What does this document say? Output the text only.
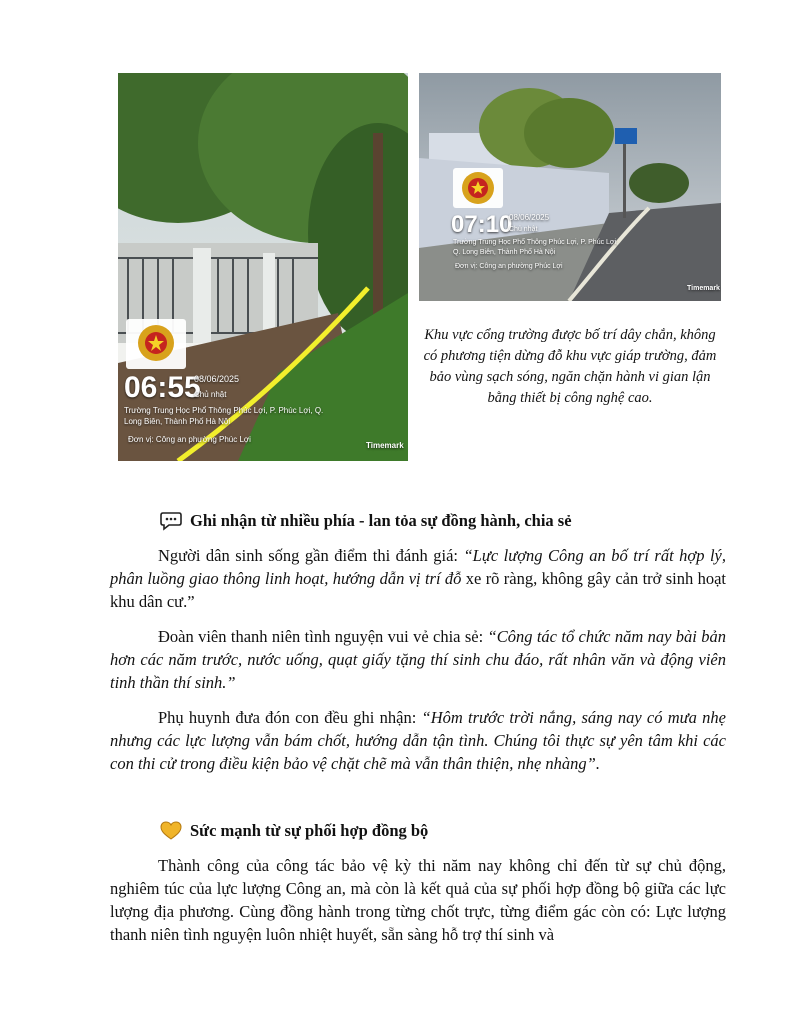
06:55
08/06/2025
Chủ nhật
Trường Trung Học Phổ Thông Phúc Lợi, P. Phúc Lợi, Q. Long Biên, Thành Phố Hà Nội
Đơn vị: Công an phường Phúc Lợi
Timemark
07:10
08/06/2025
Chủ nhật
Trường Trung Học Phổ Thông Phúc Lợi, P. Phúc Lợi, Q. Long Biên, Thành Phố Hà Nội
Đơn vị: Công an phường Phúc Lợi
Timemark
Khu vực cổng trường được bố trí dây chắn, không có phương tiện dừng đỗ khu vực giáp trường, đảm bảo vùng sạch sóng, ngăn chặn hành vi gian lận bằng thiết bị công nghệ cao.
Ghi nhận từ nhiều phía - lan tỏa sự đồng hành, chia sẻ

Người dân sinh sống gần điểm thi đánh giá: “Lực lượng Công an bố trí rất hợp lý, phân luồng giao thông linh hoạt, hướng dẫn vị trí đỗ xe rõ ràng, không gây cản trở sinh hoạt khu dân cư.”

Đoàn viên thanh niên tình nguyện vui vẻ chia sẻ: “Công tác tổ chức năm nay bài bản hơn các năm trước, nước uống, quạt giấy tặng thí sinh chu đáo, rất nhân văn và động viên tinh thần thí sinh.”

Phụ huynh đưa đón con đều ghi nhận: “Hôm trước trời nắng, sáng nay có mưa nhẹ nhưng các lực lượng vẫn bám chốt, hướng dẫn tận tình. Chúng tôi thực sự yên tâm khi các con thi cử trong điều kiện bảo vệ chặt chẽ mà vẫn thân thiện, nhẹ nhàng”.

Sức mạnh từ sự phối hợp đồng bộ

Thành công của công tác bảo vệ kỳ thi năm nay không chỉ đến từ sự chủ động, nghiêm túc của lực lượng Công an, mà còn là kết quả của sự phối hợp đồng bộ giữa các lực lượng địa phương. Cùng đồng hành trong từng chốt trực, từng điểm gác còn có: Lực lượng thanh niên tình nguyện luôn nhiệt huyết, sẵn sàng hỗ trợ thí sinh và
